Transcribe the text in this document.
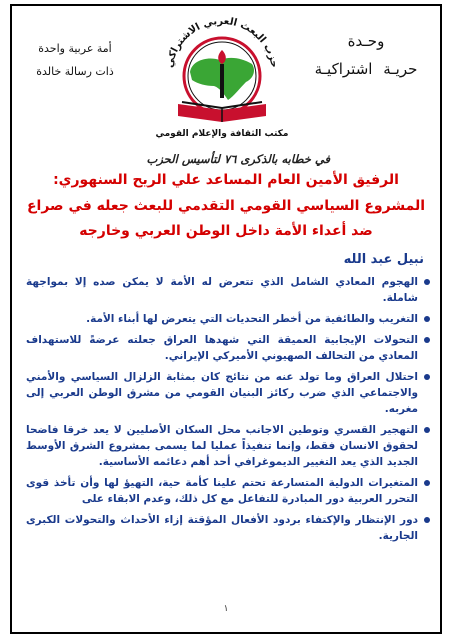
وحـدة
حريـة اشتراكيـة
حزب البعث العربي الاشتراكي
مكتب الثقافة والإعلام القومي
أمة عربية واحدة
ذات رسالة خالدة
في خطابه بالذكرى ٧٦ لتأسيس الحزب
الرفيق الأمين العام المساعد علي الريح السنهوري:
المشروع السياسي القومي التقدمي للبعث جعله في صراع
ضد أعداء الأمة داخل الوطن العربي وخارجه
نبيل عبد الله
الهجوم المعادي الشامل الذي تتعرض له الأمة لا يمكن صده إلا بمواجهة شاملة.
التغريب والطائفية من أخطر التحديات التي يتعرض لها أبناء الأمة.
التحولات الإيجابية العميقة التي شهدها العراق جعلته عرضةً للاستهداف المعادي من التحالف الصهيوني الأميركي الإيراني.
احتلال العراق وما تولد عنه من نتائج كان بمثابة الزلزال السياسي والأمني والاجتماعي الذي ضرب ركائز البنيان القومي من مشرق الوطن العربي إلى مغربه.
التهجير القسري وتوطين الاجانب محل السكان الأصليين لا يعد خرقا فاضحا لحقوق الانسان فقط، وإنما تنفيذاً عمليا لما يسمى بمشروع الشرق الأوسط الجديد الذي يعد التغيير الديموغرافي أحد أهم دعائمه الأساسية.
المتغيرات الدولية المتسارعة تحتم علينا كأمة حية، التهيؤ لها وأن تأخذ قوى التحرر العربية دور المبادرة للتفاعل مع كل ذلك، وعدم الابقاء على
دور الإنتظار والإكتفاء بردود الأفعال المؤقتة إزاء الأحداث والتحولات الكبرى الجارية.
١
